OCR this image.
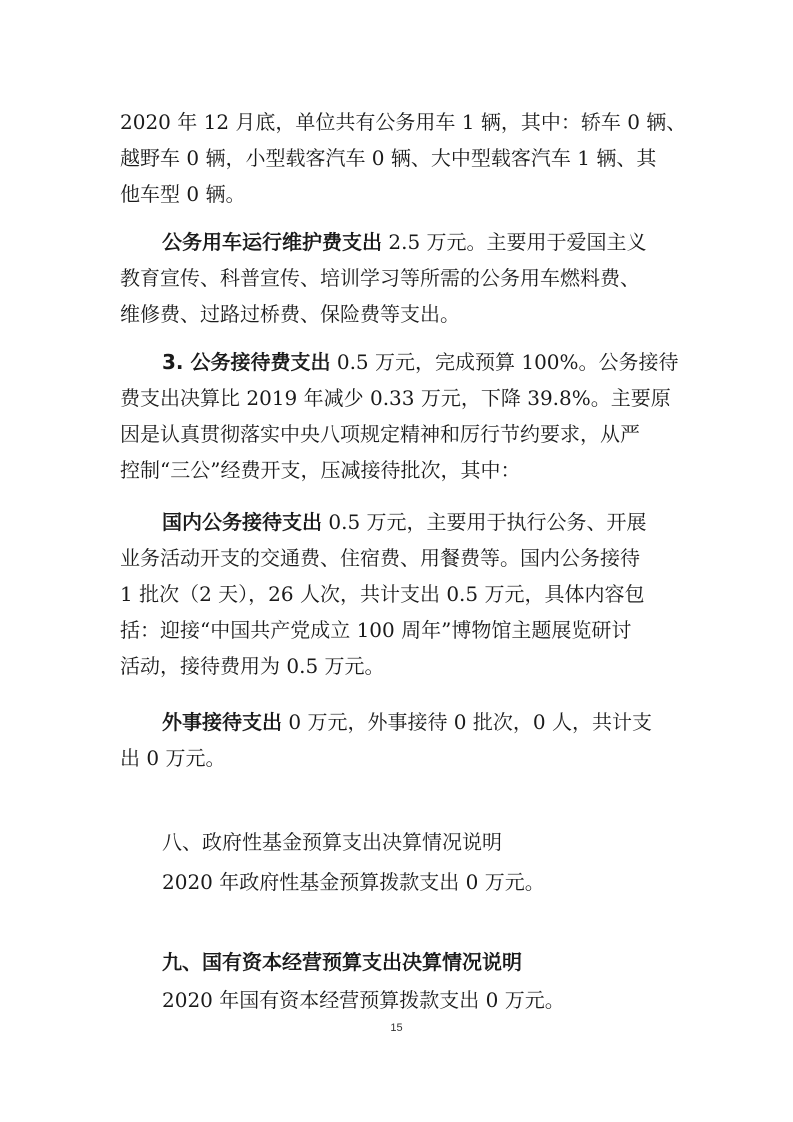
2020 年 12 月底，单位共有公务用车 1 辆，其中：轿车 0 辆、
越野车 0 辆，小型载客汽车 0 辆、大中型载客汽车 1 辆、其
他车型 0 辆。
公务用车运行维护费支出 2.5 万元。主要用于爱国主义
教育宣传、科普宣传、培训学习等所需的公务用车燃料费、
维修费、过路过桥费、保险费等支出。
3. 公务接待费支出 0.5 万元，完成预算 100%。公务接待
费支出决算比 2019 年减少 0.33 万元，下降 39.8%。主要原
因是认真贯彻落实中央八项规定精神和厉行节约要求，从严
控制“三公”经费开支，压减接待批次，其中：
国内公务接待支出 0.5 万元，主要用于执行公务、开展
业务活动开支的交通费、住宿费、用餐费等。国内公务接待
1 批次（2 天），26 人次，共计支出 0.5 万元，具体内容包
括：迎接“中国共产党成立 100 周年”博物馆主题展览研讨
活动，接待费用为 0.5 万元。
外事接待支出 0 万元，外事接待 0 批次，0 人，共计支
出 0 万元。
八、政府性基金预算支出决算情况说明
2020 年政府性基金预算拨款支出 0 万元。
九、国有资本经营预算支出决算情况说明
2020 年国有资本经营预算拨款支出 0 万元。
15
